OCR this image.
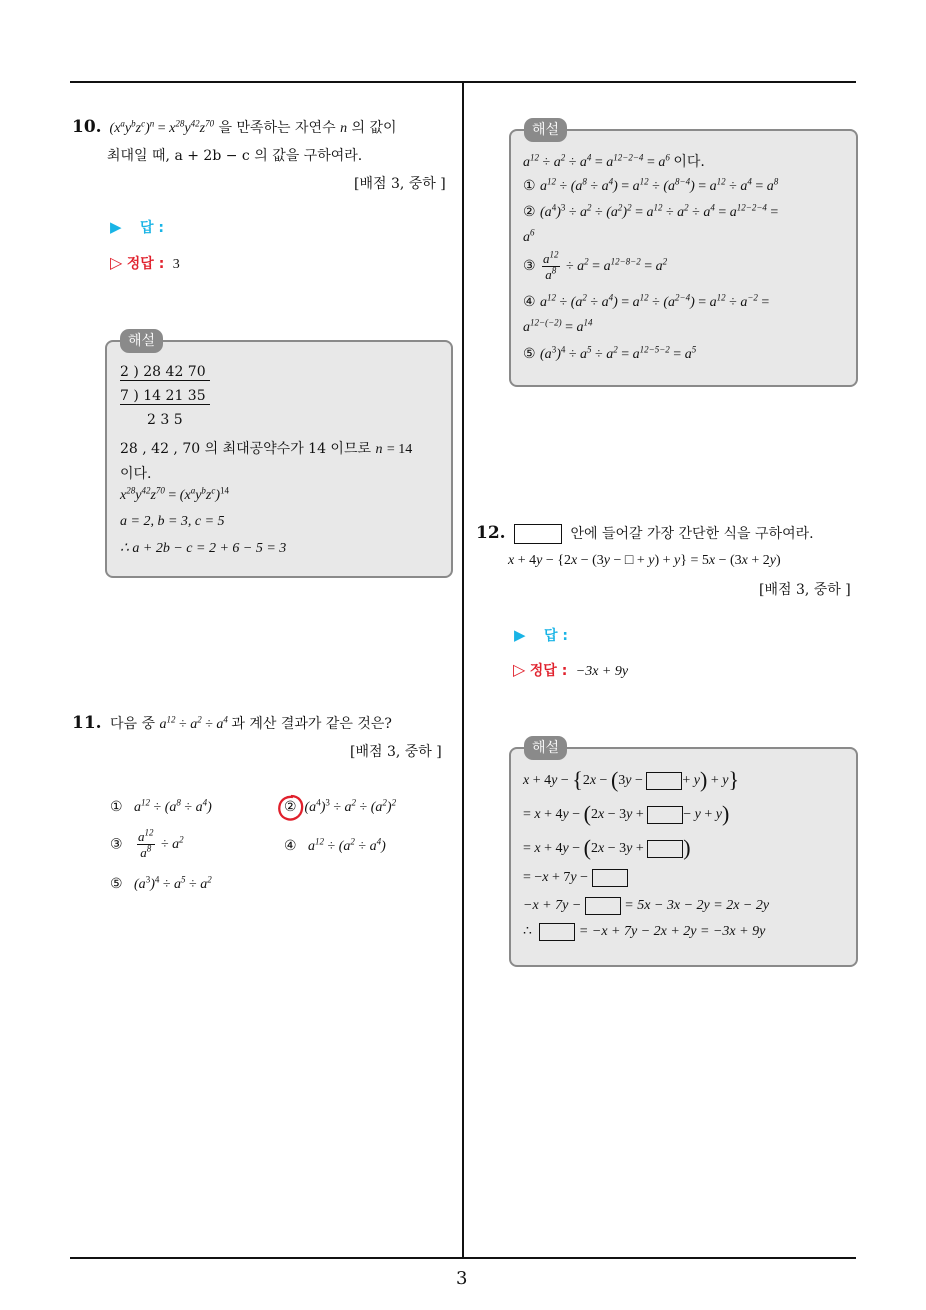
3
10.  $(x^ay^bz^c)^n = x^{28}y^{42}z^{70}$ 을 만족하는 자연수 n 의 값이
최대일 때, a + 2b − c 의 값을 구하여라.
[배점 3, 중하 ]
▶ 답 :
▷ 정답 : 3
2 ) 28 42 70
7 ) 14 21 35
2 3 5
28 , 42 , 70 의 최대공약수가 14 이므로 n = 14
이다.
$x^{28}y^{42}z^{70} = (x^ay^bz^c)^{14}$
a = 2, b = 3, c = 5
∴ a + 2b − c = 2 + 6 − 5 = 3
해설
11. 다음 중 $a^{12} \div a^2 \div a^4$ 과 계산 결과가 같은 것은?
[배점 3, 중하 ]
①   $a^{12} \div (a^8 \div a^4)$	②
$(a^4)^3 \div a^2 \div (a^2)^2$
③ $\frac{a^{12}}{a^8} \div a^2$	④   $a^{12} \div (a^2 \div a^4)$
⑤   $(a^3)^4 \div a^5 \div a^2$
$a^{12} \div a^2 \div a^4 = a^{12-2-4} = a^6$ 이다.
① $a^{12} \div (a^8 \div a^4) = a^{12} \div (a^{8-4}) = a^{12} \div a^4 = a^8$
② $(a^4)^3 \div a^2 \div (a^2)^2 = a^{12} \div a^2 \div a^4 = a^{12-2-4}$ =
$a^6$
③ $\frac{a^{12}}{a^8} \div a^2 = a^{12-8-2} = a^2$
④ $a^{12} \div (a^2 \div a^4) = a^{12} \div (a^{2-4}) = a^{12} \div a^{-2}$ =
$a^{12-(-2)} = a^{14}$
⑤ $(a^3)^4 \div a^5 \div a^2 = a^{12-5-2} = a^5$
해설
12.	안에 들어갈 가장 간단한 식을 구하여라.
x + 4y − {2x − (3y − □ + y) + y} = 5x − (3x + 2y)
[배점 3, 중하 ]
▶ 답 :
▷ 정답 : −3x + 9y
x + 4y − {2x − (3y −	+ y) + y}
= x + 4y − (2x − 3y +	− y + y)
= x + 4y − (2x − 3y + )
= −x + 7y −
−x + 7y −	= 5x − 3x − 2y = 2x − 2y
∴	= −x + 7y − 2x + 2y = −3x + 9y
해설
